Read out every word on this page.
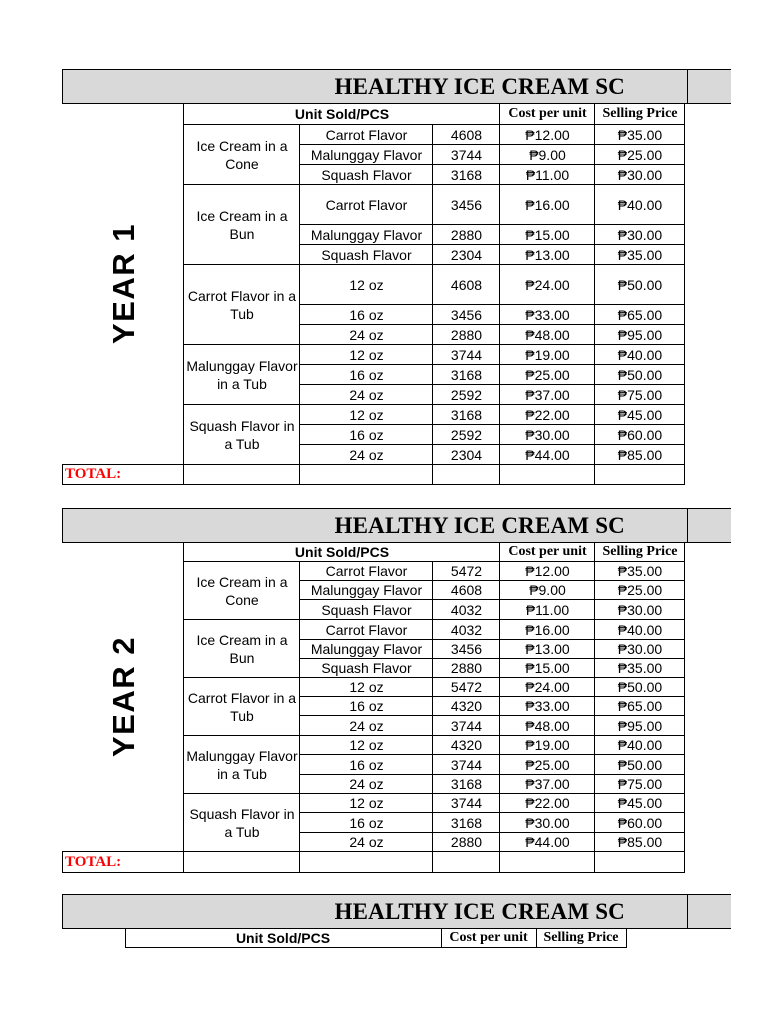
HEALTHY ICE CREAM SC
YEAR 1	Unit Sold/PCS			Cost per unit	Selling Price
	Ice Cream in a Cone	Carrot Flavor	4608	₱12.00	₱35.00
		Malunggay Flavor	3744	₱9.00	₱25.00
		Squash Flavor	3168	₱11.00	₱30.00
	Ice Cream in a Bun	Carrot Flavor	3456	₱16.00	₱40.00
		Malunggay Flavor	2880	₱15.00	₱30.00
		Squash Flavor	2304	₱13.00	₱35.00
	Carrot Flavor in a Tub	12 oz	4608	₱24.00	₱50.00
		16 oz	3456	₱33.00	₱65.00
		24 oz	2880	₱48.00	₱95.00
	Malunggay Flavor in a Tub	12 oz	3744	₱19.00	₱40.00
		16 oz	3168	₱25.00	₱50.00
		24 oz	2592	₱37.00	₱75.00
	Squash Flavor in a Tub	12 oz	3168	₱22.00	₱45.00
		16 oz	2592	₱30.00	₱60.00
		24 oz	2304	₱44.00	₱85.00
TOTAL:					
HEALTHY ICE CREAM SC
YEAR 2	Unit Sold/PCS			Cost per unit	Selling Price
	Ice Cream in a Cone	Carrot Flavor	5472	₱12.00	₱35.00
		Malunggay Flavor	4608	₱9.00	₱25.00
		Squash Flavor	4032	₱11.00	₱30.00
	Ice Cream in a Bun	Carrot Flavor	4032	₱16.00	₱40.00
		Malunggay Flavor	3456	₱13.00	₱30.00
		Squash Flavor	2880	₱15.00	₱35.00
	Carrot Flavor in a Tub	12 oz	5472	₱24.00	₱50.00
		16 oz	4320	₱33.00	₱65.00
		24 oz	3744	₱48.00	₱95.00
	Malunggay Flavor in a Tub	12 oz	4320	₱19.00	₱40.00
		16 oz	3744	₱25.00	₱50.00
		24 oz	3168	₱37.00	₱75.00
	Squash Flavor in a Tub	12 oz	3744	₱22.00	₱45.00
		16 oz	3168	₱30.00	₱60.00
		24 oz	2880	₱44.00	₱85.00
TOTAL:					
HEALTHY ICE CREAM SC
	Unit Sold/PCS	Cost per unit	Selling Price
